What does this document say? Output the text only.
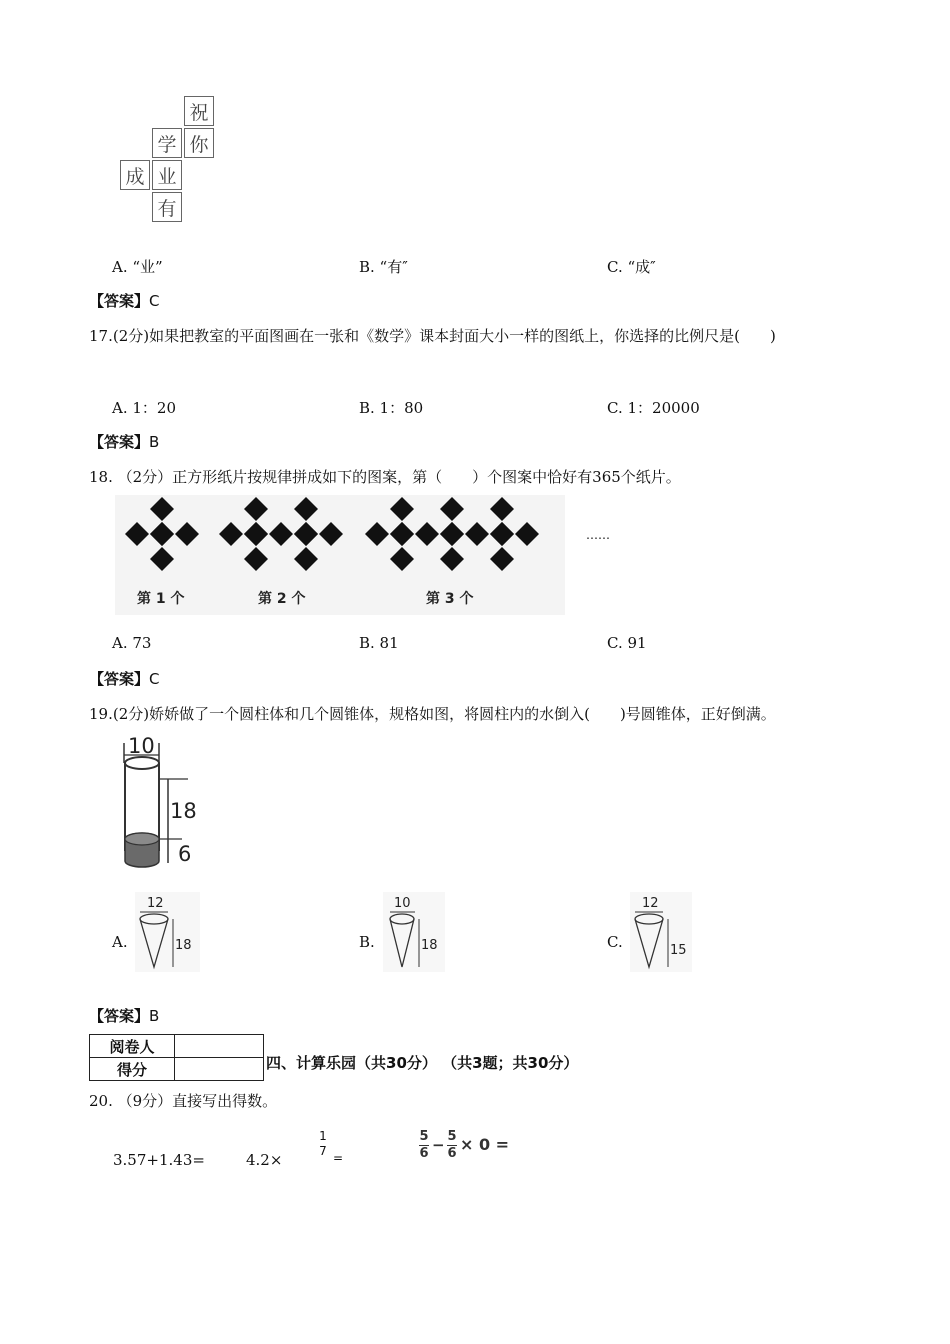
祝
你
学
业
成
有
A. “业”	B. “有″	C. “成″
【答案】C
17.(2分)如果把教室的平面图画在一张和《数学》课本封面大小一样的图纸上，你选择的比例尺是(　　)
A. 1：20	B. 1：80	C. 1：20000
【答案】B
18. （2分）正方形纸片按规律拼成如下的图案，第（　　）个图案中恰好有365个纸片。
第 1 个	第 2 个	第 3 个
……
A. 73	B. 81	C. 91
【答案】C
19.(2分)娇娇做了一个圆柱体和几个圆锥体，规格如图，将圆柱内的水倒入(　　)号圆锥体，正好倒满。
10
18
6
A.
12
18	B.
10
18	C.
12
15
【答案】B
阅卷人	
得分		四、计算乐园（共30分） （共3题；共30分）
20. （9分）直接写出得数。
3.57+1.43=	4.2×
1
7 =
5
6 − 5
6 × 0 =
